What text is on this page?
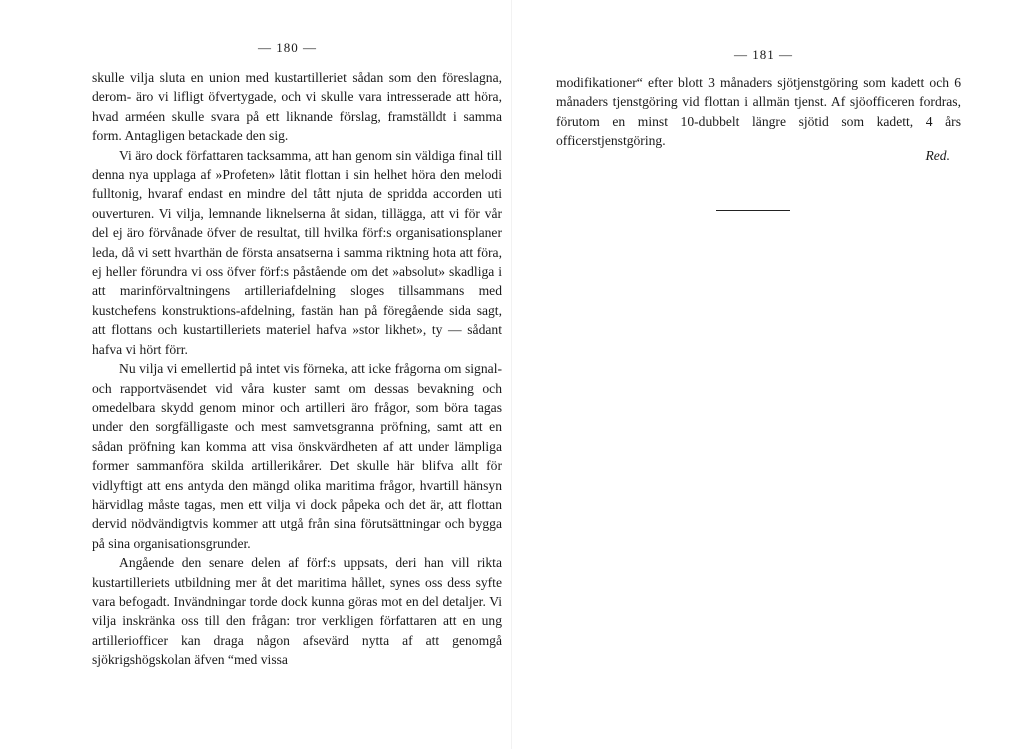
— 180 —

skulle vilja sluta en union med kustartilleriet sådan som den föreslagna, derom- äro vi lifligt öfvertygade, och vi skulle vara intresserade att höra, hvad arméen skulle svara på ett liknande förslag, framställdt i samma form. Antagligen betackade den sig.

Vi äro dock författaren tacksamma, att han genom sin väldiga final till denna nya upplaga af »Profeten» låtit flottan i sin helhet höra den melodi fulltonig, hvaraf endast en mindre del tått njuta de spridda accorden uti ouverturen. Vi vilja, lemnande liknelserna åt sidan, tillägga, att vi för vår del ej äro förvånade öfver de resultat, till hvilka förf:s organisationsplaner leda, då vi sett hvarthän de första ansatserna i samma riktning hota att föra, ej heller förundra vi oss öfver förf:s påstående om det »absolut» skadliga i att marinförvaltningens artilleriafdelning sloges tillsammans med kustchefens konstruktions-afdelning, fastän han på föregående sida sagt, att flottans och kustartilleriets materiel hafva »stor likhet», ty — sådant hafva vi hört förr.

Nu vilja vi emellertid på intet vis förneka, att icke frågorna om signal- och rapportväsendet vid våra kuster samt om dessas bevakning och omedelbara skydd genom minor och artilleri äro frågor, som böra tagas under den sorgfälligaste och mest samvetsgranna pröfning, samt att en sådan pröfning kan komma att visa önskvärdheten af att under lämpliga former sammanföra skilda artillerikårer. Det skulle här blifva allt för vidlyftigt att ens antyda den mängd olika maritima frågor, hvartill hänsyn härvidlag måste tagas, men ett vilja vi dock påpeka och det är, att flottan dervid nödvändigtvis kommer att utgå från sina förutsättningar och bygga på sina organisationsgrunder.

Angående den senare delen af förf:s uppsats, deri han vill rikta kustartilleriets utbildning mer åt det maritima hållet, synes oss dess syfte vara befogadt. Invändningar torde dock kunna göras mot en del detaljer. Vi vilja inskränka oss till den frågan: tror verkligen författaren att en ung artilleriofficer kan draga någon afsevärd nytta af att genomgå sjökrigshögskolan äfven “med vissa

— 181 —

modifikationer“ efter blott 3 månaders sjötjenstgöring som kadett och 6 månaders tjenstgöring vid flottan i allmän tjenst. Af sjöofficeren fordras, förutom en minst 10-dubbelt längre sjötid som kadett, 4 års officerstjenstgöring.

Red.
